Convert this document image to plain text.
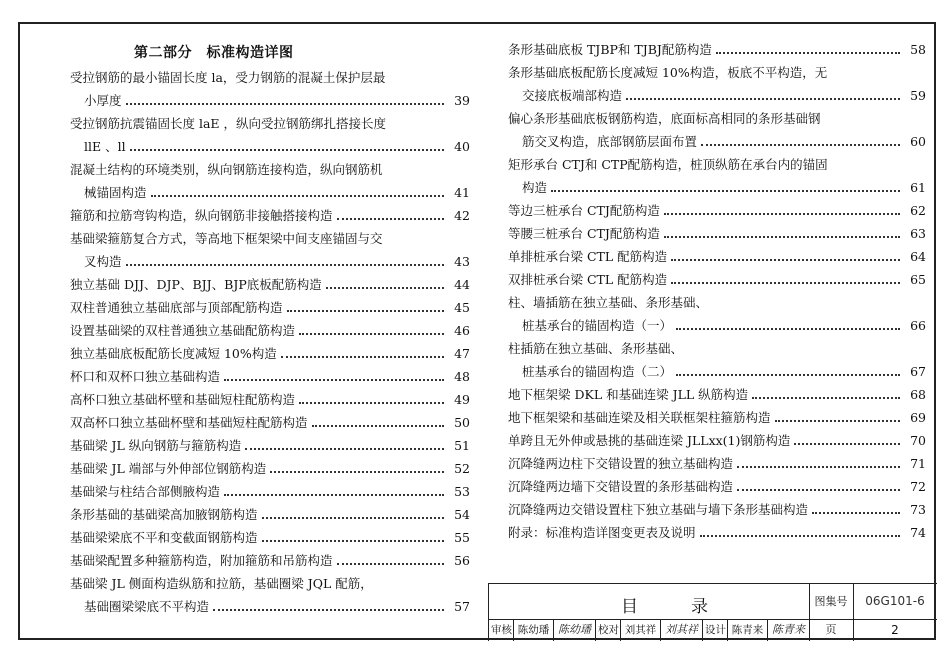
第二部分　标准构造详图
受拉钢筋的最小锚固长度 la，受力钢筋的混凝土保护层最
小厚度	39
受拉钢筋抗震锚固长度 laE ，纵向受拉钢筋绑扎搭接长度
llE 、ll	40
混凝土结构的环境类别，纵向钢筋连接构造，纵向钢筋机
械锚固构造	41
箍筋和拉筋弯钩构造，纵向钢筋非接触搭接构造	42
基础梁箍筋复合方式，等高地下框架梁中间支座锚固与交
叉构造	43
独立基础 DJJ、DJP、BJJ、BJP底板配筋构造	44
双柱普通独立基础底部与顶部配筋构造	45
设置基础梁的双柱普通独立基础配筋构造	46
独立基础底板配筋长度减短 10%构造	47
杯口和双杯口独立基础构造	48
高杯口独立基础杯壁和基础短柱配筋构造	49
双高杯口独立基础杯壁和基础短柱配筋构造	50
基础梁 JL 纵向钢筋与箍筋构造	51
基础梁 JL 端部与外伸部位钢筋构造	52
基础梁与柱结合部侧腋构造	53
条形基础的基础梁高加腋钢筋构造	54
基础梁梁底不平和变截面钢筋构造	55
基础梁配置多种箍筋构造，附加箍筋和吊筋构造	56
基础梁 JL 侧面构造纵筋和拉筋，基础圈梁 JQL 配筋，
基础圈梁梁底不平构造	57
条形基础底板 TJBP和 TJBJ配筋构造	58
条形基础底板配筋长度减短 10%构造，板底不平构造，无
交接底板端部构造	59
偏心条形基础底板钢筋构造，底面标高相同的条形基础钢
筋交叉构造，底部钢筋层面布置	60
矩形承台 CTJ和 CTP配筋构造，桩顶纵筋在承台内的锚固
构造	61
等边三桩承台 CTJ配筋构造	62
等腰三桩承台 CTJ配筋构造	63
单排桩承台梁 CTL 配筋构造	64
双排桩承台梁 CTL 配筋构造	65
柱、墙插筋在独立基础、条形基础、
桩基承台的锚固构造（一）	66
柱插筋在独立基础、条形基础、
桩基承台的锚固构造（二）	67
地下框架梁 DKL 和基础连梁 JLL 纵筋构造	68
地下框架梁和基础连梁及相关联框架柱箍筋构造	69
单跨且无外伸或悬挑的基础连梁 JLLxx(1)钢筋构造	70
沉降缝两边柱下交错设置的独立基础构造	71
沉降缝两边墙下交错设置的条形基础构造	72
沉降缝两边交错设置柱下独立基础与墙下条形基础构造	73
附录：标准构造详图变更表及说明	74
目　录	图集号	06G101-6
审核 陈幼璠 陈幼璠 校对 刘其祥 刘其祥 设计 陈青来 陈青来	页	2
